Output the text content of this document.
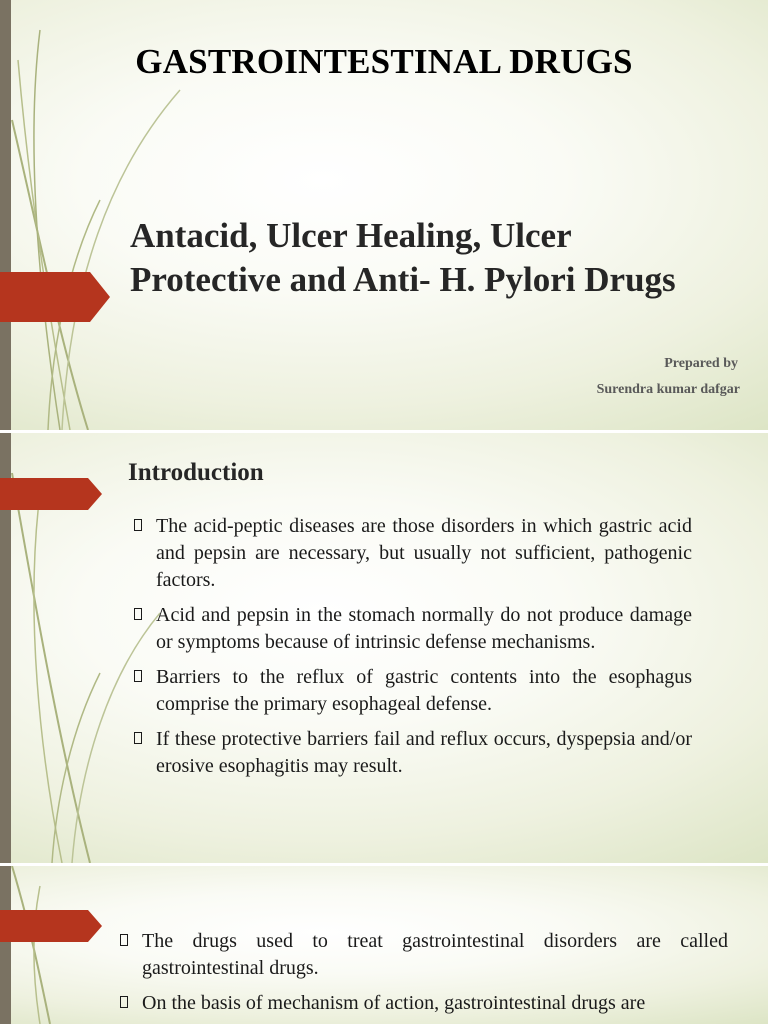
GASTROINTESTINAL DRUGS
Antacid, Ulcer Healing, Ulcer
Protective and Anti- H. Pylori Drugs
Prepared by
Surendra kumar dafgar
Introduction
The acid-peptic diseases are those disorders in which gastric acid and pepsin are necessary, but usually not sufficient, pathogenic factors.
Acid and pepsin in the stomach normally do not produce damage or symptoms because of intrinsic defense mechanisms.
Barriers to the reflux of gastric contents into the esophagus comprise the primary esophageal defense.
If these protective barriers fail and reflux occurs, dyspepsia and/or erosive esophagitis may result.
The drugs used to treat gastrointestinal disorders are called gastrointestinal drugs.
On the basis of mechanism of action, gastrointestinal drugs are
